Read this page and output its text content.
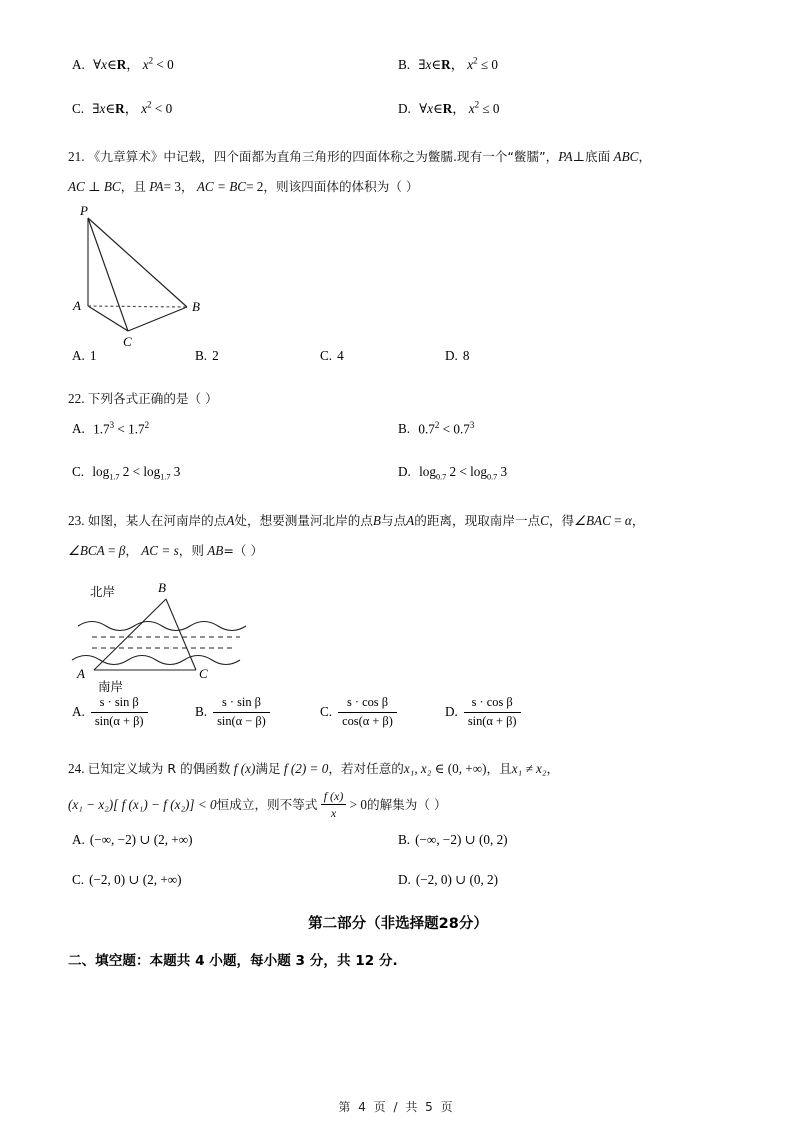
A. ∀x∈R， $x^2 < 0$	B. ∃x∈R， $x^2 \le 0$
C. ∃x∈R， $x^2 < 0$	D. ∀x∈R， $x^2 \le 0$
21. 《九章算术》中记载，四个面都为直角三角形的四面体称之为鳖臑.现有一个“鳖臑”，PA⊥底面 ABC，
AC ⊥ BC，且 PA= 3， AC = BC= 2，则该四面体的体积为（ ）
P
A	B
C
A. 1	B. 2	C. 4	D. 8
22. 下列各式正确的是（ ）
A. $1.7^3 < 1.7^2$	B. $0.7^2 < 0.7^3$
C. $\log_{1.7} 2 < \log_{1.7} 3$	D. $\log_{0.7} 2 < \log_{0.7} 3$
23. 如图，某人在河南岸的点A处，想要测量河北岸的点B与点A的距离，现取南岸一点C，得∠BAC = α，
∠BCA = β， AC = s，则 AB=（ ）
北岸	B
A	C
南岸
A. $\frac{\text{s · sin β}}{\sin(\alpha + \beta)}$	B. $\frac{\text{s · sin β}}{\sin(\alpha - \beta)}$	C. $\frac{\text{s · cos β}}{\cos(\alpha + \beta)}$	D. $\frac{\text{s · cos β}}{\sin(\alpha + \beta)}$
24. 已知定义域为 R 的偶函数 f (x)满足 f (2) = 0，若对任意的x₁, x₂ ∈ (0, +∞)，且x₁ ≠ x₂，
(x₁ − x₂)[ f (x₁) − f (x₂)] < 0恒成立，则不等式 $\frac{f (x)}{x} > 0$的解集为（ ）
A. (−∞, −2) ∪ (2, +∞)	B. (−∞, −2) ∪ (0, 2)
C. (−2, 0) ∪ (2, +∞)	D. (−2, 0) ∪ (0, 2)
第二部分（非选择题28分）
二、填空题：本题共 4 小题，每小题 3 分，共 12 分.
第 4 页 / 共 5 页
